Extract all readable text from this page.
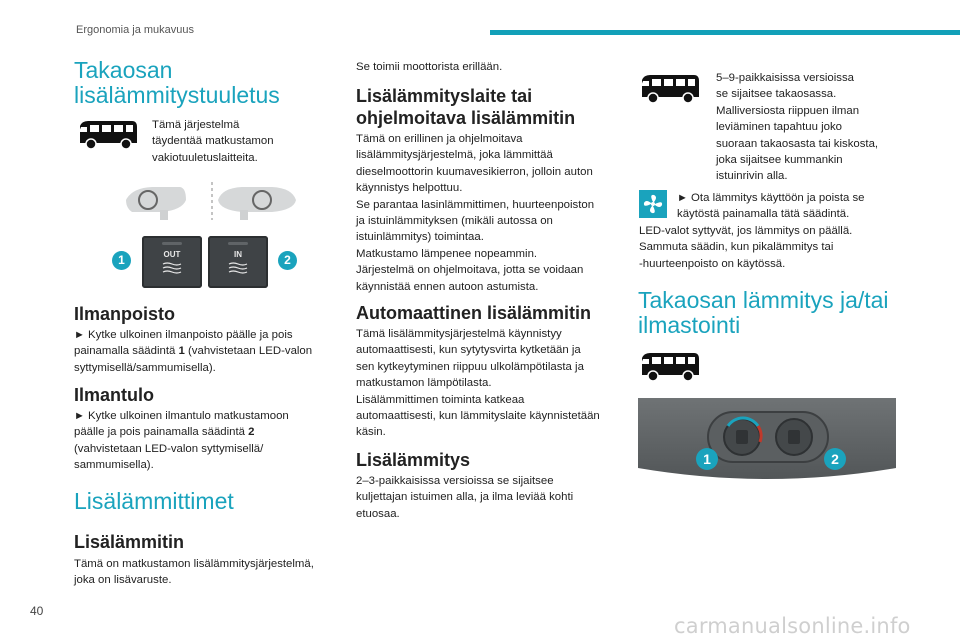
Ergonomia ja mukavuus
Takaosan
lisälämmitystuuletus

Tämä järjestelmä

täydentää matkustamon

vakiotuuletuslaitteita.

1	OUT	IN	2
Ilmanpoisto

► Kytke ulkoinen ilmanpoisto päälle ja pois

painamalla säädintä 1 (vahvistetaan LED-valon

syttymisellä/sammumisella).

Ilmantulo

► Kytke ulkoinen ilmantulo matkustamoon

päälle ja pois painamalla säädintä 2

(vahvistetaan LED-valon syttymisellä/

sammumisella).

Lisälämmittimet
Lisälämmitin

Tämä on matkustamon lisälämmitysjärjestelmä,

joka on lisävaruste.

Se toimii moottorista erillään.

Lisälämmityslaite tai
ohjelmoitava lisälämmitin

Tämä on erillinen ja ohjelmoitava

lisälämmitysjärjestelmä, joka lämmittää

dieselmoottorin kuumavesikierron, jolloin auton

käynnistys helpottuu.

Se parantaa lasinlämmittimen, huurteenpoiston

ja istuinlämmityksen (mikäli autossa on

istuinlämmitys) toimintaa.

Matkustamo lämpenee nopeammin.

Järjestelmä on ohjelmoitava, jotta se voidaan

käynnistää ennen autoon astumista.

Automaattinen lisälämmitin

Tämä lisälämmitysjärjestelmä käynnistyy

automaattisesti, kun sytytysvirta kytketään ja

sen kytkeytyminen riippuu ulkolämpötilasta ja

matkustamon lämpötilasta.

Lisälämmittimen toiminta katkeaa

automaattisesti, kun lämmityslaite käynnistetään

käsin.

Lisälämmitys

2–3-paikkaisissa versioissa se sijaitsee

kuljettajan istuimen alla, ja ilma leviää kohti

etuosaa.

5–9-paikkaisissa versioissa

se sijaitsee takaosassa.

Malliversiosta riippuen ilman

leviäminen tapahtuu joko

suoraan takaosasta tai kiskosta,

joka sijaitsee kummankin

istuinrivin alla.

► Ota lämmitys käyttöön ja poista se

käytöstä painamalla tätä säädintä.

LED-valot syttyvät, jos lämmitys on päällä.

Sammuta säädin, kun pikalämmitys tai

-huurteenpoisto on käytössä.

Takaosan lämmitys ja/tai
ilmastointi
1	2
40
carmanualsonline.info
